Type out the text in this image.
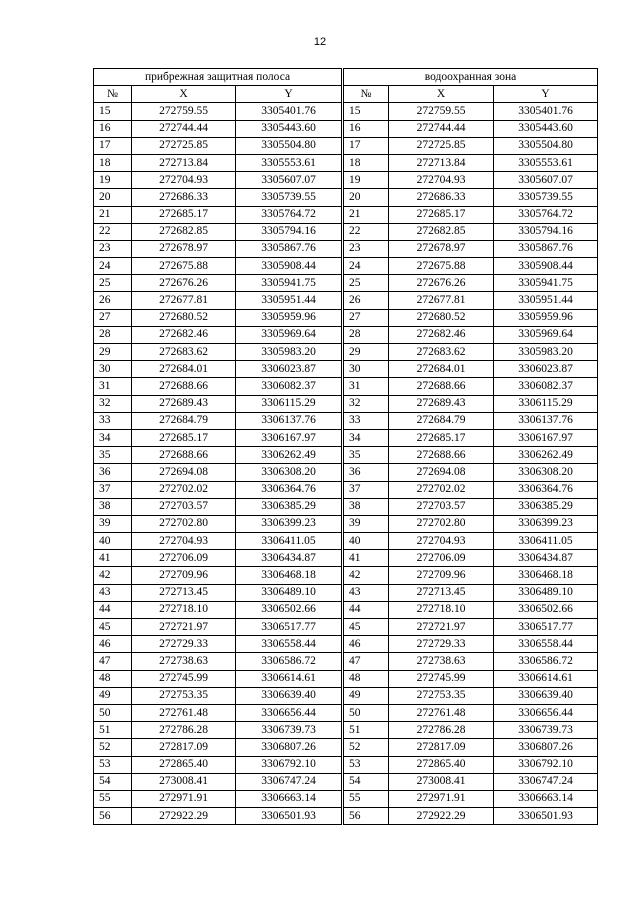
12
прибрежная защитная полоса		
№	X	Y
15	272759.55	3305401.76
16	272744.44	3305443.60
17	272725.85	3305504.80
18	272713.84	3305553.61
19	272704.93	3305607.07
20	272686.33	3305739.55
21	272685.17	3305764.72
22	272682.85	3305794.16
23	272678.97	3305867.76
24	272675.88	3305908.44
25	272676.26	3305941.75
26	272677.81	3305951.44
27	272680.52	3305959.96
28	272682.46	3305969.64
29	272683.62	3305983.20
30	272684.01	3306023.87
31	272688.66	3306082.37
32	272689.43	3306115.29
33	272684.79	3306137.76
34	272685.17	3306167.97
35	272688.66	3306262.49
36	272694.08	3306308.20
37	272702.02	3306364.76
38	272703.57	3306385.29
39	272702.80	3306399.23
40	272704.93	3306411.05
41	272706.09	3306434.87
42	272709.96	3306468.18
43	272713.45	3306489.10
44	272718.10	3306502.66
45	272721.97	3306517.77
46	272729.33	3306558.44
47	272738.63	3306586.72
48	272745.99	3306614.61
49	272753.35	3306639.40
50	272761.48	3306656.44
51	272786.28	3306739.73
52	272817.09	3306807.26
53	272865.40	3306792.10
54	273008.41	3306747.24
55	272971.91	3306663.14
56	272922.29	3306501.93
водоохранная зона		
№	X	Y
15	272759.55	3305401.76
16	272744.44	3305443.60
17	272725.85	3305504.80
18	272713.84	3305553.61
19	272704.93	3305607.07
20	272686.33	3305739.55
21	272685.17	3305764.72
22	272682.85	3305794.16
23	272678.97	3305867.76
24	272675.88	3305908.44
25	272676.26	3305941.75
26	272677.81	3305951.44
27	272680.52	3305959.96
28	272682.46	3305969.64
29	272683.62	3305983.20
30	272684.01	3306023.87
31	272688.66	3306082.37
32	272689.43	3306115.29
33	272684.79	3306137.76
34	272685.17	3306167.97
35	272688.66	3306262.49
36	272694.08	3306308.20
37	272702.02	3306364.76
38	272703.57	3306385.29
39	272702.80	3306399.23
40	272704.93	3306411.05
41	272706.09	3306434.87
42	272709.96	3306468.18
43	272713.45	3306489.10
44	272718.10	3306502.66
45	272721.97	3306517.77
46	272729.33	3306558.44
47	272738.63	3306586.72
48	272745.99	3306614.61
49	272753.35	3306639.40
50	272761.48	3306656.44
51	272786.28	3306739.73
52	272817.09	3306807.26
53	272865.40	3306792.10
54	273008.41	3306747.24
55	272971.91	3306663.14
56	272922.29	3306501.93
